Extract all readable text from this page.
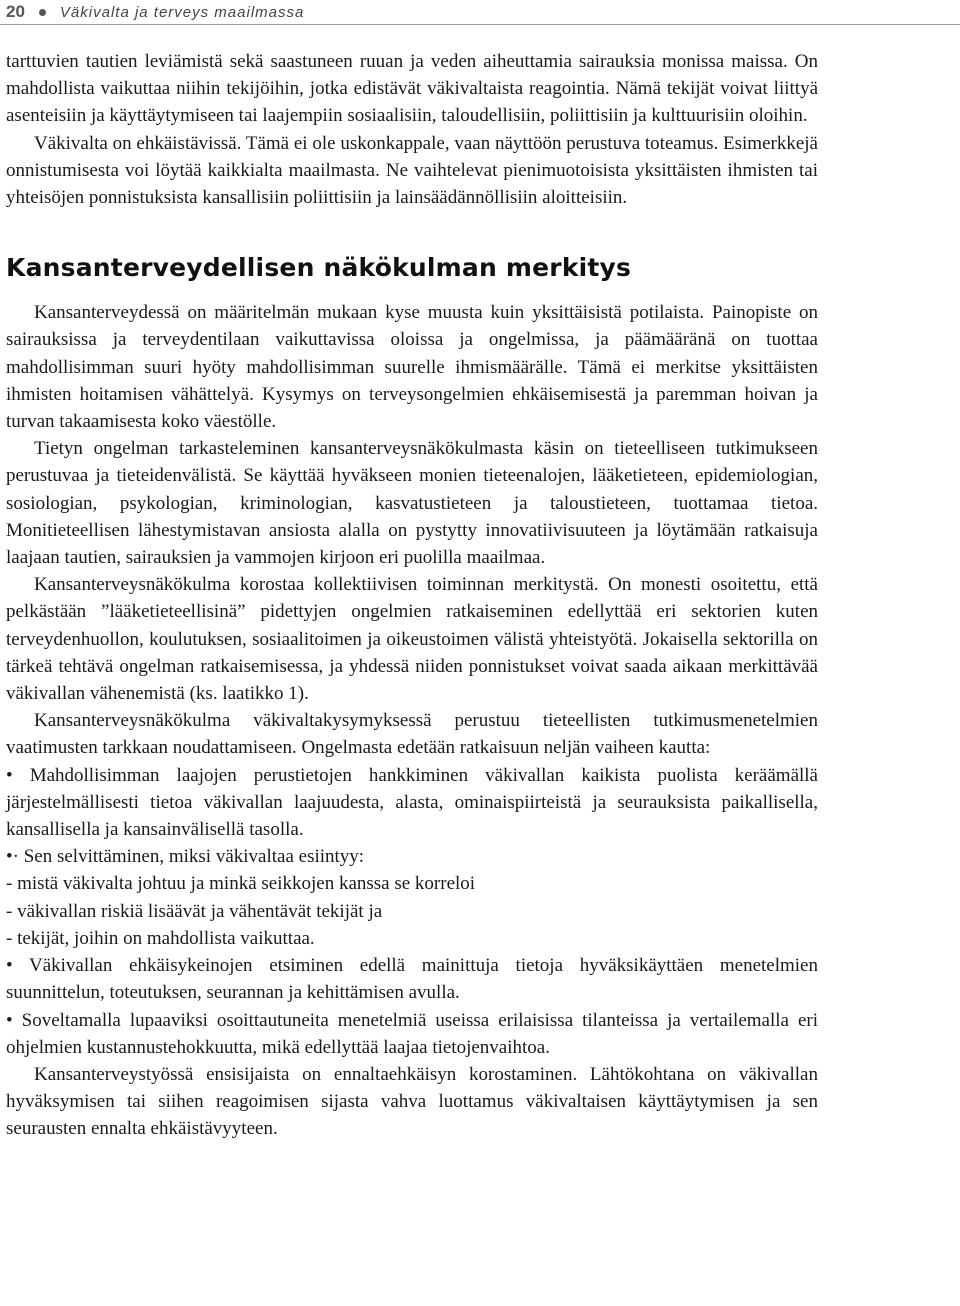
20 Väkivalta ja terveys maailmassa

tarttuvien tautien leviämistä sekä saastuneen ruuan ja veden aiheuttamia sairauksia monissa maissa. On mahdollista vaikuttaa niihin tekijöihin, jotka edistävät väkivaltaista reagointia. Nämä tekijät voivat liittyä asenteisiin ja käyttäytymiseen tai laajempiin sosiaalisiin, taloudellisiin, poliittisiin ja kulttuurisiin oloihin.

Väkivalta on ehkäistävissä. Tämä ei ole uskonkappale, vaan näyttöön perustuva toteamus. Esimerkkejä onnistumisesta voi löytää kaikkialta maailmasta. Ne vaihtelevat pienimuotoisista yksittäisten ihmisten tai yhteisöjen ponnistuksista kansallisiin poliittisiin ja lainsäädännöllisiin aloitteisiin.

Kansanterveydellisen näkökulman merkitys

Kansanterveydessä on määritelmän mukaan kyse muusta kuin yksittäisistä potilaista. Painopiste on sairauksissa ja terveydentilaan vaikuttavissa oloissa ja ongelmissa, ja päämääränä on tuottaa mahdollisimman suuri hyöty mahdollisimman suurelle ihmismäärälle. Tämä ei merkitse yksittäisten ihmisten hoitamisen vähättelyä. Kysymys on terveysongelmien ehkäisemisestä ja paremman hoivan ja turvan takaamisesta koko väestölle.

Tietyn ongelman tarkasteleminen kansanterveysnäkökulmasta käsin on tieteelliseen tutkimukseen perustuvaa ja tieteidenvälistä. Se käyttää hyväkseen monien tieteenalojen, lääketieteen, epidemiologian, sosiologian, psykologian, kriminologian, kasvatustieteen ja taloustieteen, tuottamaa tietoa. Monitieteellisen lähestymistavan ansiosta alalla on pystytty innovatiivisuuteen ja löytämään ratkaisuja laajaan tautien, sairauksien ja vammojen kirjoon eri puolilla maailmaa.

Kansanterveysnäkökulma korostaa kollektiivisen toiminnan merkitystä. On monesti osoitettu, että pelkästään ”lääketieteellisinä” pidettyjen ongelmien ratkaiseminen edellyttää eri sektorien kuten terveydenhuollon, koulutuksen, sosiaalitoimen ja oikeustoimen välistä yhteistyötä. Jokaisella sektorilla on tärkeä tehtävä ongelman ratkaisemisessa, ja yhdessä niiden ponnistukset voivat saada aikaan merkittävää väkivallan vähenemistä (ks. laatikko 1).

Kansanterveysnäkökulma väkivaltakysymyksessä perustuu tieteellisten tutkimusmenetelmien vaatimusten tarkkaan noudattamiseen. Ongelmasta edetään ratkaisuun neljän vaiheen kautta:

• Mahdollisimman laajojen perustietojen hankkiminen väkivallan kaikista puolista keräämällä järjestelmällisesti tietoa väkivallan laajuudesta, alasta, ominaispiirteistä ja seurauksista paikallisella, kansallisella ja kansainvälisellä tasolla.

•· Sen selvittäminen, miksi väkivaltaa esiintyy:

- mistä väkivalta johtuu ja minkä seikkojen kanssa se korreloi

- väkivallan riskiä lisäävät ja vähentävät tekijät ja

- tekijät, joihin on mahdollista vaikuttaa.

• Väkivallan ehkäisykeinojen etsiminen edellä mainittuja tietoja hyväksikäyttäen menetelmien suunnittelun, toteutuksen, seurannan ja kehittämisen avulla.

• Soveltamalla lupaaviksi osoittautuneita menetelmiä useissa erilaisissa tilanteissa ja vertailemalla eri ohjelmien kustannustehokkuutta, mikä edellyttää laajaa tietojenvaihtoa.

Kansanterveystyössä ensisijaista on ennaltaehkäisyn korostaminen. Lähtökohtana on väkivallan hyväksymisen tai siihen reagoimisen sijasta vahva luottamus väkivaltaisen käyttäytymisen ja sen seurausten ennalta ehkäistävyyteen.
